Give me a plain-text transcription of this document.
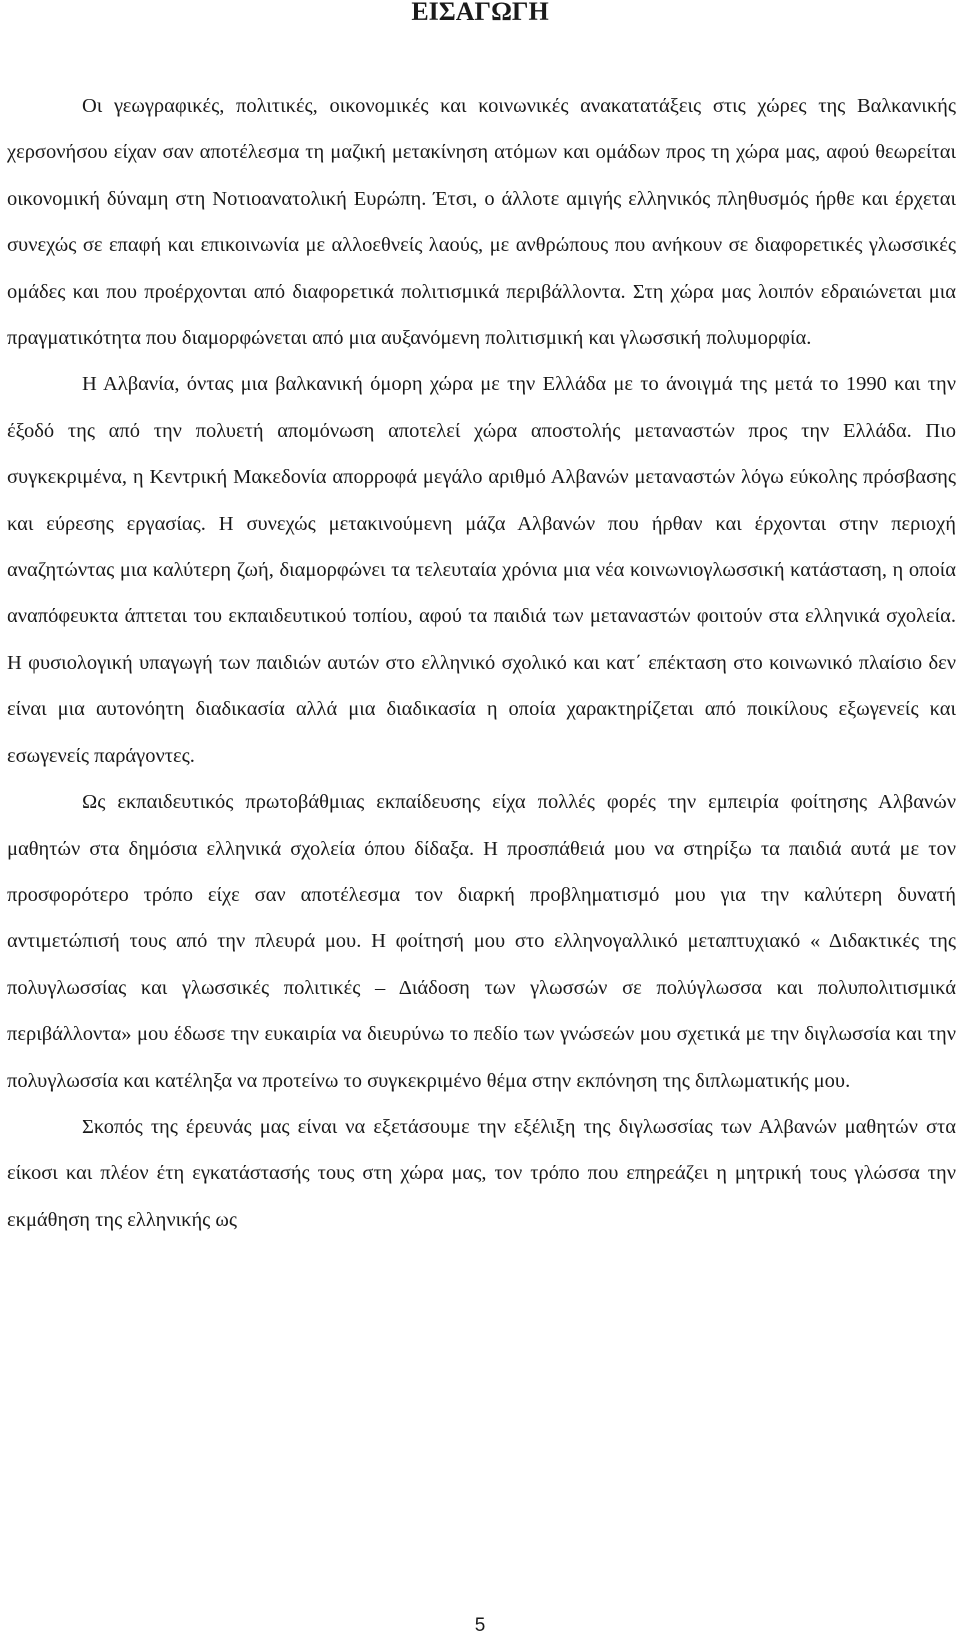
ΕΙΣΑΓΩΓΗ

Οι γεωγραφικές, πολιτικές, οικονομικές και κοινωνικές ανακατατάξεις στις χώρες της Βαλκανικής χερσονήσου είχαν σαν αποτέλεσμα τη μαζική μετακίνηση ατόμων και ομάδων προς τη χώρα μας, αφού θεωρείται οικονομική δύναμη στη Νοτιοανατολική Ευρώπη. Έτσι, ο άλλοτε αμιγής ελληνικός πληθυσμός ήρθε και έρχεται συνεχώς σε επαφή και επικοινωνία με αλλοεθνείς λαούς, με ανθρώπους που ανήκουν σε διαφορετικές γλωσσικές ομάδες και που προέρχονται από διαφορετικά πολιτισμικά περιβάλλοντα. Στη χώρα μας λοιπόν εδραιώνεται μια πραγματικότητα που διαμορφώνεται από μια αυξανόμενη πολιτισμική και γλωσσική πολυμορφία.

Η Αλβανία, όντας μια βαλκανική όμορη χώρα με την Ελλάδα με το άνοιγμά της μετά το 1990 και την έξοδό της από την πολυετή απομόνωση αποτελεί χώρα αποστολής μεταναστών προς την Ελλάδα. Πιο συγκεκριμένα, η Κεντρική Μακεδονία απορροφά μεγάλο αριθμό Αλβανών μεταναστών λόγω εύκολης πρόσβασης και εύρεσης εργασίας. Η συνεχώς μετακινούμενη μάζα Αλβανών που ήρθαν και έρχονται στην περιοχή αναζητώντας μια καλύτερη ζωή, διαμορφώνει τα τελευταία χρόνια μια νέα κοινωνιογλωσσική κατάσταση, η οποία αναπόφευκτα άπτεται του εκπαιδευτικού τοπίου, αφού τα παιδιά των μεταναστών φοιτούν στα ελληνικά σχολεία. Η φυσιολογική υπαγωγή των παιδιών αυτών στο ελληνικό σχολικό και κατ΄ επέκταση στο κοινωνικό πλαίσιο δεν είναι μια αυτονόητη διαδικασία αλλά μια διαδικασία η οποία χαρακτηρίζεται από ποικίλους εξωγενείς και εσωγενείς παράγοντες.

Ως εκπαιδευτικός πρωτοβάθμιας εκπαίδευσης είχα πολλές φορές την εμπειρία φοίτησης Αλβανών μαθητών στα δημόσια ελληνικά σχολεία όπου δίδαξα. Η προσπάθειά μου να στηρίξω τα παιδιά αυτά με τον προσφορότερο τρόπο είχε σαν αποτέλεσμα τον διαρκή προβληματισμό μου για την καλύτερη δυνατή αντιμετώπισή τους από την πλευρά μου. Η φοίτησή μου στο ελληνογαλλικό μεταπτυχιακό « Διδακτικές της πολυγλωσσίας και γλωσσικές πολιτικές – Διάδοση των γλωσσών σε πολύγλωσσα και πολυπολιτισμικά περιβάλλοντα» μου έδωσε την ευκαιρία να διευρύνω το πεδίο των γνώσεών μου σχετικά με την διγλωσσία και την πολυγλωσσία και κατέληξα να προτείνω το συγκεκριμένο θέμα στην εκπόνηση της διπλωματικής μου.

Σκοπός της έρευνάς μας είναι να εξετάσουμε την εξέλιξη της διγλωσσίας των Αλβανών μαθητών στα είκοσι και πλέον έτη εγκατάστασής τους στη χώρα μας, τον τρόπο που επηρεάζει η μητρική τους γλώσσα την εκμάθηση της ελληνικής ως

5
